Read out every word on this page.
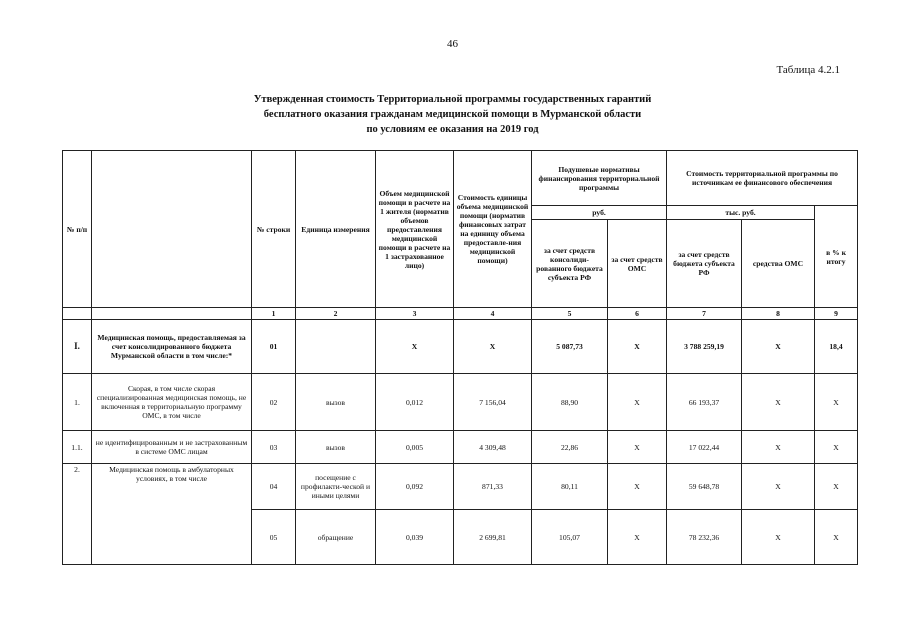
46
Таблица 4.2.1
Утвержденная стоимость Территориальной программы государственных гарантий
бесплатного оказания гражданам медицинской помощи в Мурманской области
по условиям ее оказания на 2019 год
№ п/п		№ строки	Единица измерения	Объем медицинской помощи в расчете на 1 жителя (норматив объемов предоставления медицинской помощи в расчете на 1 застрахованное лицо)	Стоимость единицы объема медицинской помощи (норматив финансовых затрат на единицу объема предоставле-ния медицинской помощи)	Подушевые нормативы финансирования территориальной программы		Стоимость территориальной программы по источникам ее финансового обеспечения		
						руб.		тыс. руб.		в % к итогу
						за счет средств консолиди-рованного бюджета субъекта РФ	за счет средств ОМС	за счет средств бюджета субъекта РФ	средства ОМС	
		1	2	3	4	5	6	7	8	9
I.	Медицинская помощь, предоставляемая за счет консолидированного бюджета Мурманской области в том числе:*	01		Х	Х	5 087,73	Х	3 788 259,19	Х	18,4
1.	Скорая, в том числе скорая специализированная медицинская помощь, не включенная в территориальную программу ОМС, в том числе	02	вызов	0,012	7 156,04	88,90	Х	66 193,37	Х	Х
1.1.	не идентифицированным и не застрахованным в системе ОМС лицам	03	вызов	0,005	4 309,48	22,86	Х	17 022,44	Х	Х
2.	Медицинская помощь в амбулаторных условиях, в том числе	04	посещение с профилакти-ческой и иными целями	0,092	871,33	80,11	Х	59 648,78	Х	Х
		05	обращение	0,039	2 699,81	105,07	Х	78 232,36	Х	Х
